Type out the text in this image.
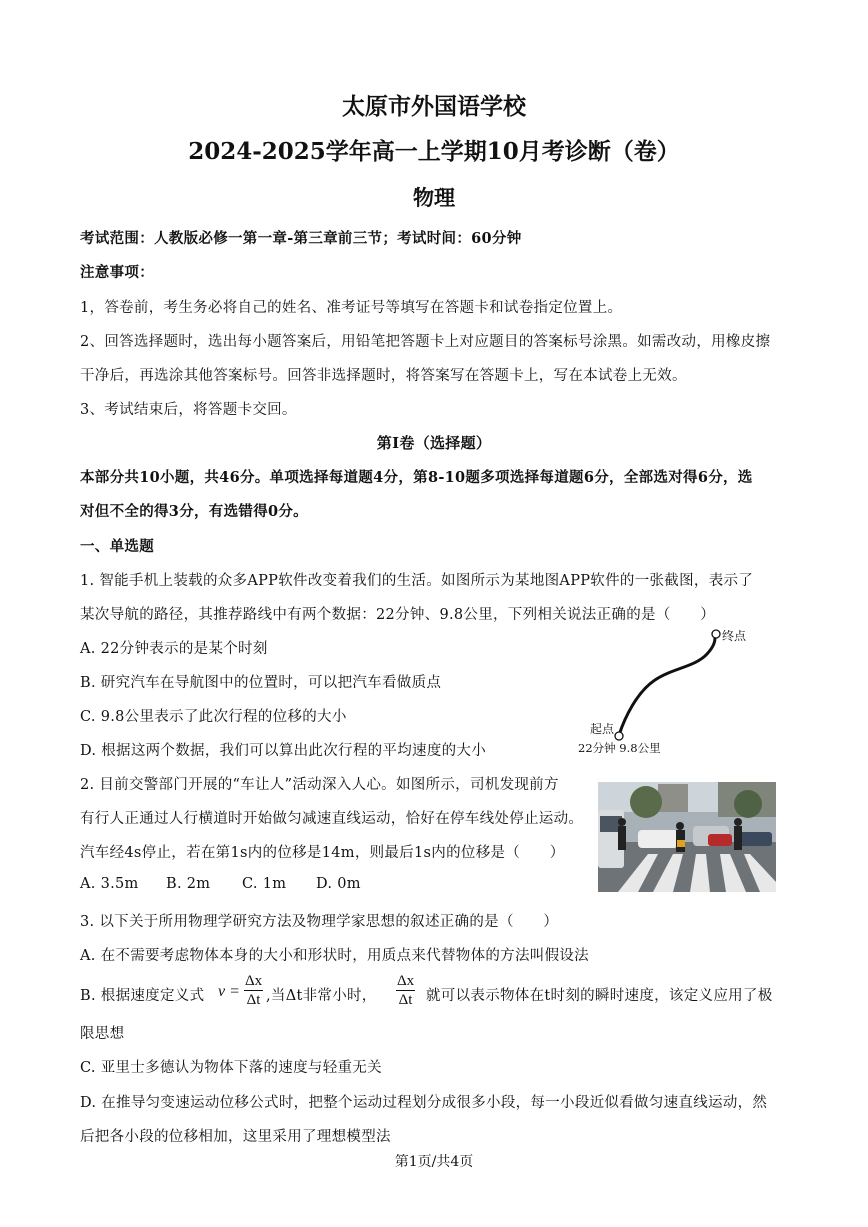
太原市外国语学校
2024-2025学年高一上学期10月考诊断（卷）
物理
考试范围：人教版必修一第一章-第三章前三节；考试时间：60分钟
注意事项：
1，答卷前，考生务必将自己的姓名、准考证号等填写在答题卡和试卷指定位置上。
2、回答选择题时，选出每小题答案后，用铅笔把答题卡上对应题目的答案标号涂黑。如需改动，用橡皮擦
干净后，再选涂其他答案标号。回答非选择题时，将答案写在答题卡上，写在本试卷上无效。
3、考试结束后，将答题卡交回。
第Ⅰ卷（选择题）
本部分共10小题，共46分。单项选择每道题4分，第8-10题多项选择每道题6分，全部选对得6分，选
对但不全的得3分，有选错得0分。
一、单选题
1. 智能手机上装载的众多APP软件改变着我们的生活。如图所示为某地图APP软件的一张截图，表示了
某次导航的路径，其推荐路线中有两个数据：22分钟、9.8公里，下列相关说法正确的是（　　）
A. 22分钟表示的是某个时刻
B. 研究汽车在导航图中的位置时，可以把汽车看做质点
C. 9.8公里表示了此次行程的位移的大小
D. 根据这两个数据，我们可以算出此次行程的平均速度的大小
终点
起点
22分钟 9.8公里
2. 目前交警部门开展的“车让人”活动深入人心。如图所示，司机发现前方
有行人正通过人行横道时开始做匀减速直线运动，恰好在停车线处停止运动。
汽车经4s停止，若在第1s内的位移是14m，则最后1s内的位移是（　　）
A. 3.5m B. 2m C. 1m D. 0m
3. 以下关于所用物理学研究方法及物理学家思想的叙述正确的是（　　）
A. 在不需要考虑物体本身的大小和形状时，用质点来代替物体的方法叫假设法
B. 根据速度定义式 $v = \frac{\Delta x}{\Delta t}$ ,当Δt非常小时， $\frac{\Delta x}{\Delta t}$ 就可以表示物体在t时刻的瞬时速度，该定义应用了极
限思想
C. 亚里士多德认为物体下落的速度与轻重无关
D. 在推导匀变速运动位移公式时，把整个运动过程划分成很多小段，每一小段近似看做匀速直线运动，然
后把各小段的位移相加，这里采用了理想模型法
第1页/共4页
